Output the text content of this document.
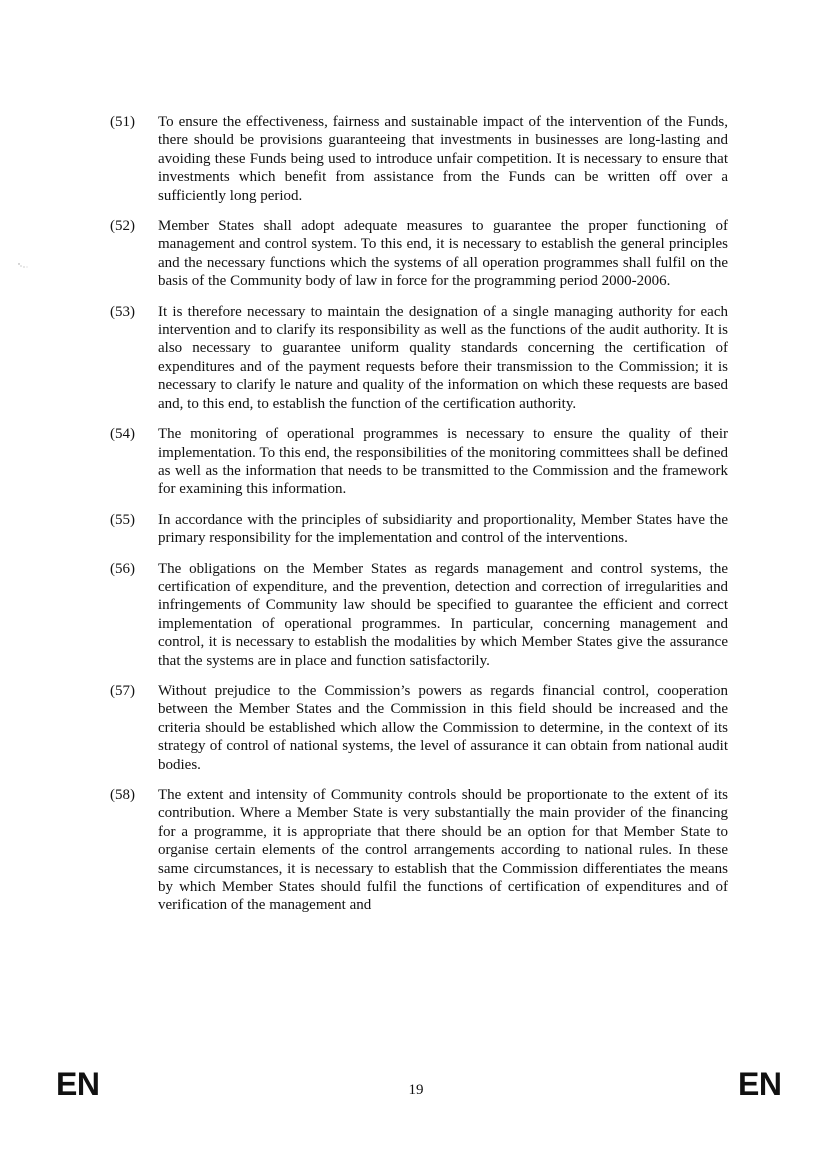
(51)	To ensure the effectiveness, fairness and sustainable impact of the intervention of the Funds, there should be provisions guaranteeing that investments in businesses are long-lasting and avoiding these Funds being used to introduce unfair competition. It is necessary to ensure that investments which benefit from assistance from the Funds can be written off over a sufficiently long period.
(52)	Member States shall adopt adequate measures to guarantee the proper functioning of management and control system. To this end, it is necessary to establish the general principles and the necessary functions which the systems of all operation programmes shall fulfil on the basis of the Community body of law in force for the programming period 2000-2006.
(53)	It is therefore necessary to maintain the designation of a single managing authority for each intervention and to clarify its responsibility as well as the functions of the audit authority. It is also necessary to guarantee uniform quality standards concerning the certification of expenditures and of the payment requests before their transmission to the Commission; it is necessary to clarify le nature and quality of the information on which these requests are based and, to this end, to establish the function of the certification authority.
(54)	The monitoring of operational programmes is necessary to ensure the quality of their implementation. To this end, the responsibilities of the monitoring committees shall be defined as well as the information that needs to be transmitted to the Commission and the framework for examining this information.
(55)	In accordance with the principles of subsidiarity and proportionality, Member States have the primary responsibility for the implementation and control of the interventions.
(56)	The obligations on the Member States as regards management and control systems, the certification of expenditure, and the prevention, detection and correction of irregularities and infringements of Community law should be specified to guarantee the efficient and correct implementation of operational programmes. In particular, concerning management and control, it is necessary to establish the modalities by which Member States give the assurance that the systems are in place and function satisfactorily.
(57)	Without prejudice to the Commission’s powers as regards financial control, cooperation between the Member States and the Commission in this field should be increased and the criteria should be established which allow the Commission to determine, in the context of its strategy of control of national systems, the level of assurance it can obtain from national audit bodies.
(58)	The extent and intensity of Community controls should be proportionate to the extent of its contribution. Where a Member State is very substantially the main provider of the financing for a programme, it is appropriate that there should be an option for that Member State to organise certain elements of the control arrangements according to national rules. In these same circumstances, it is necessary to establish that the Commission differentiates the means by which Member States should fulfil the functions of certification of expenditures and of verification of the management and
EN	19	EN
